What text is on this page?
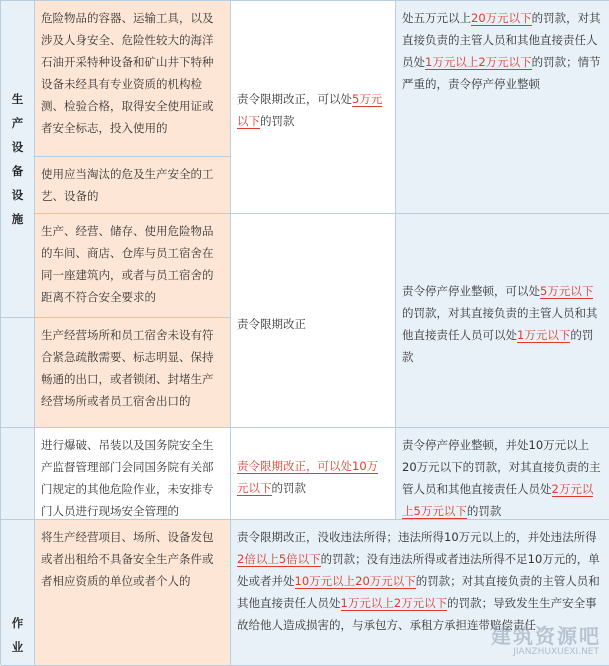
生
产
设
备
设
施
危险物品的容器、运输工具，以及涉及人身安全、危险性较大的海洋石油开采特种设备和矿山井下特种设备未经具有专业资质的机构检测、检验合格，取得安全使用证或者安全标志，投入使用的
责令限期改正，可以处5万元以下的罚款
处五万元以上20万元以下的罚款，对其直接负责的主管人员和其他直接责任人员处1万元以上2万元以下的罚款；情节严重的，责令停产停业整顿
使用应当淘汰的危及生产安全的工艺、设备的
生产、经营、储存、使用危险物品的车间、商店、仓库与员工宿舍在同一座建筑内，或者与员工宿舍的距离不符合安全要求的
责令限期改正
责令停产停业整顿，可以处5万元以下的罚款，对其直接负责的主管人员和其他直接责任人员可以处1万元以下的罚款
生产经营场所和员工宿舍未设有符合紧急疏散需要、标志明显、保持畅通的出口，或者锁闭、封堵生产经营场所或者员工宿舍出口的
进行爆破、吊装以及国务院安全生产监督管理部门会同国务院有关部门规定的其他危险作业，未安排专门人员进行现场安全管理的
责令限期改正，可以处10万元以下的罚款
责令停产停业整顿，并处10万元以上20万元以下的罚款，对其直接负责的主管人员和其他直接责任人员处2万元以上5万元以下的罚款
作
业
将生产经营项目、场所、设备发包或者出租给不具备安全生产条件或者相应资质的单位或者个人的
责令限期改正，没收违法所得；违法所得10万元以上的，并处违法所得2倍以上5倍以下的罚款；没有违法所得或者违法所得不足10万元的，单处或者并处10万元以上20万元以下的罚款；对其直接负责的主管人员和其他直接责任人员处1万元以上2万元以下的罚款；导致发生生产安全事故给他人造成损害的，与承包方、承租方承担连带赔偿责任
建筑资源吧
JIANZHUXUEXI.NET
